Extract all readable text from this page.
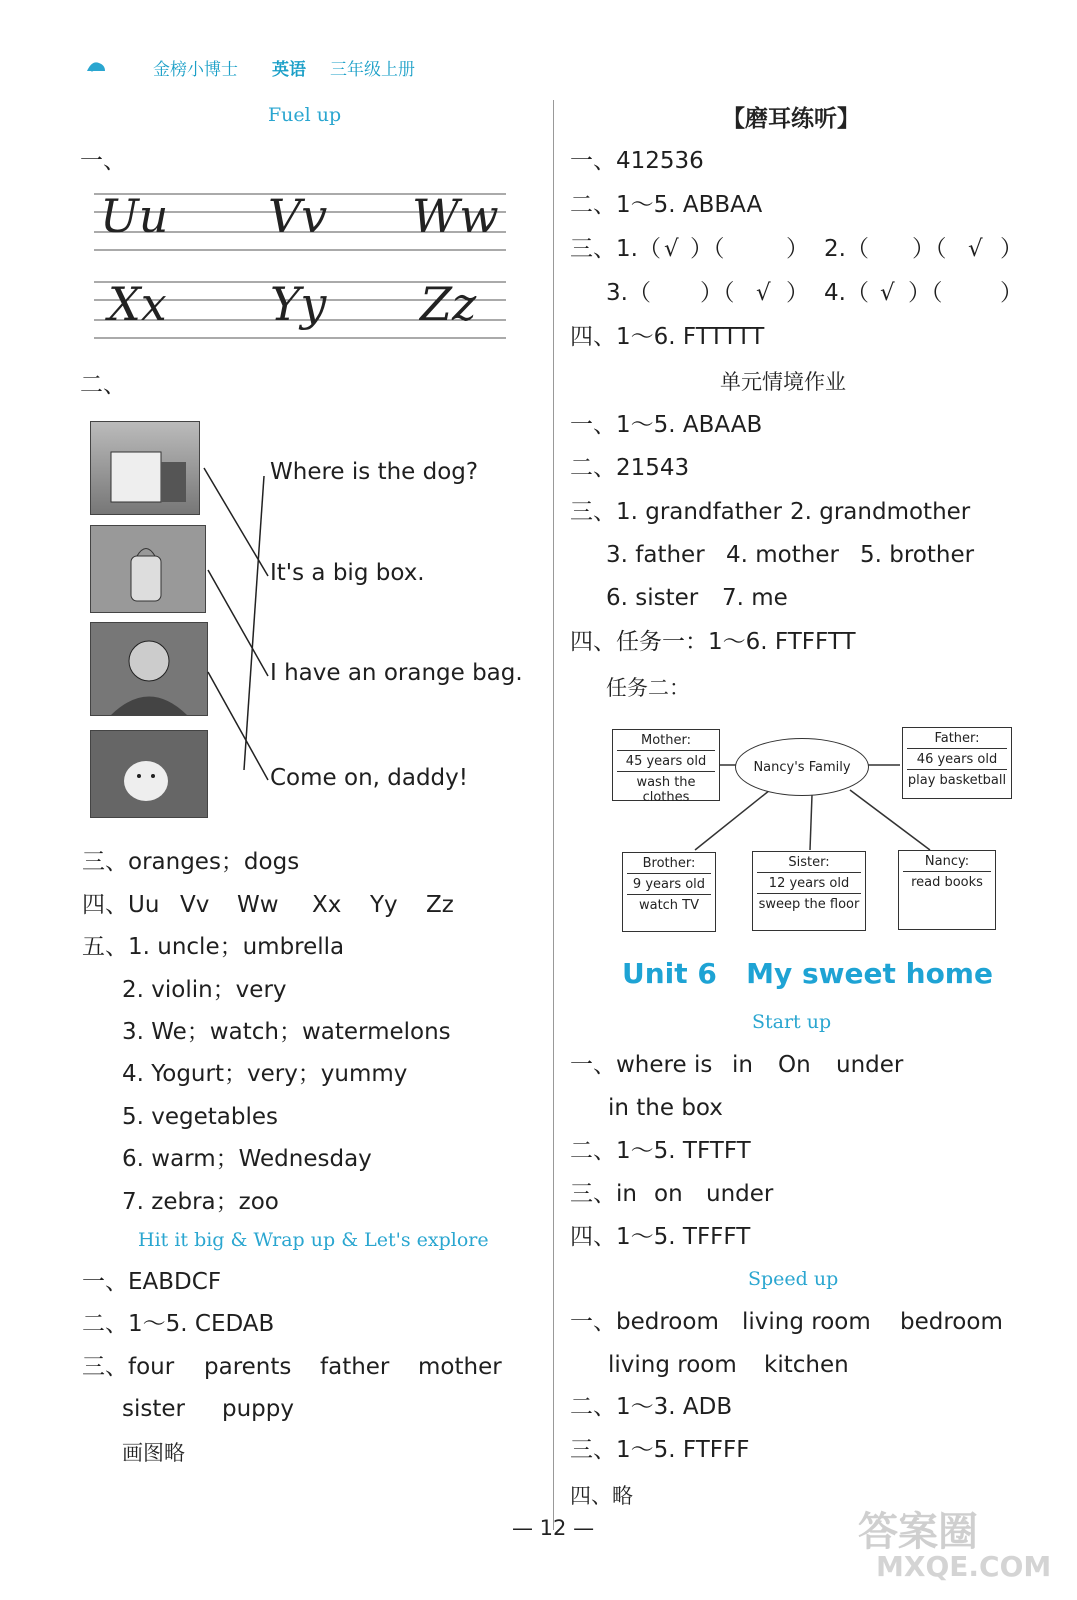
金榜小博士 英语 三年级上册
Fuel up
一、
Uu Vv Ww
Xx Yy Zz
二、
Where is the dog?
It's a big box.
I have an orange bag.
Come on, daddy!
三、oranges；dogs
四、Uu Vv Ww Xx Yy Zz
五、1. uncle；umbrella
2. violin；very
3. We；watch；watermelons
4. Yogurt；very；yummy
5. vegetables
6. warm；Wednesday
7. zebra；zoo
Hit it big & Wrap up & Let's explore
一、EABDCF
二、1～5. CEDAB
三、four parents father mother
sister puppy
画图略
【磨耳练听】
一、412536
二、1～5. ABBAA
三、1.（ √ ）（	） 2.（ ）（ √ ）
3.（ ）（ √ ） 4.（ √ ）（	）
四、1～6. FTTTTT
单元情境作业
一、1～5. ABAAB
二、21543
三、1. grandfather 2. grandmother
3. father 4. mother 5. brother
6. sister 7. me
四、任务一：1～6. FTFFTT
任务二：
Nancy's Family
Mother:
45 years old
wash the clothes
Father:
46 years old
play basketball
Brother:
9 years old
watch TV
Sister:
12 years old
sweep the floor
Nancy:
read books
Unit 6   My sweet home
Start up
一、where is in On under
in the box
二、1～5. TFTFT
三、in on under
四、1～5. TFFFT
Speed up
一、bedroom living room bedroom
living room kitchen
二、1～3. ADB
三、1～5. FTFFF
四、略
— 12 —	答案圈
MXQE.COM
